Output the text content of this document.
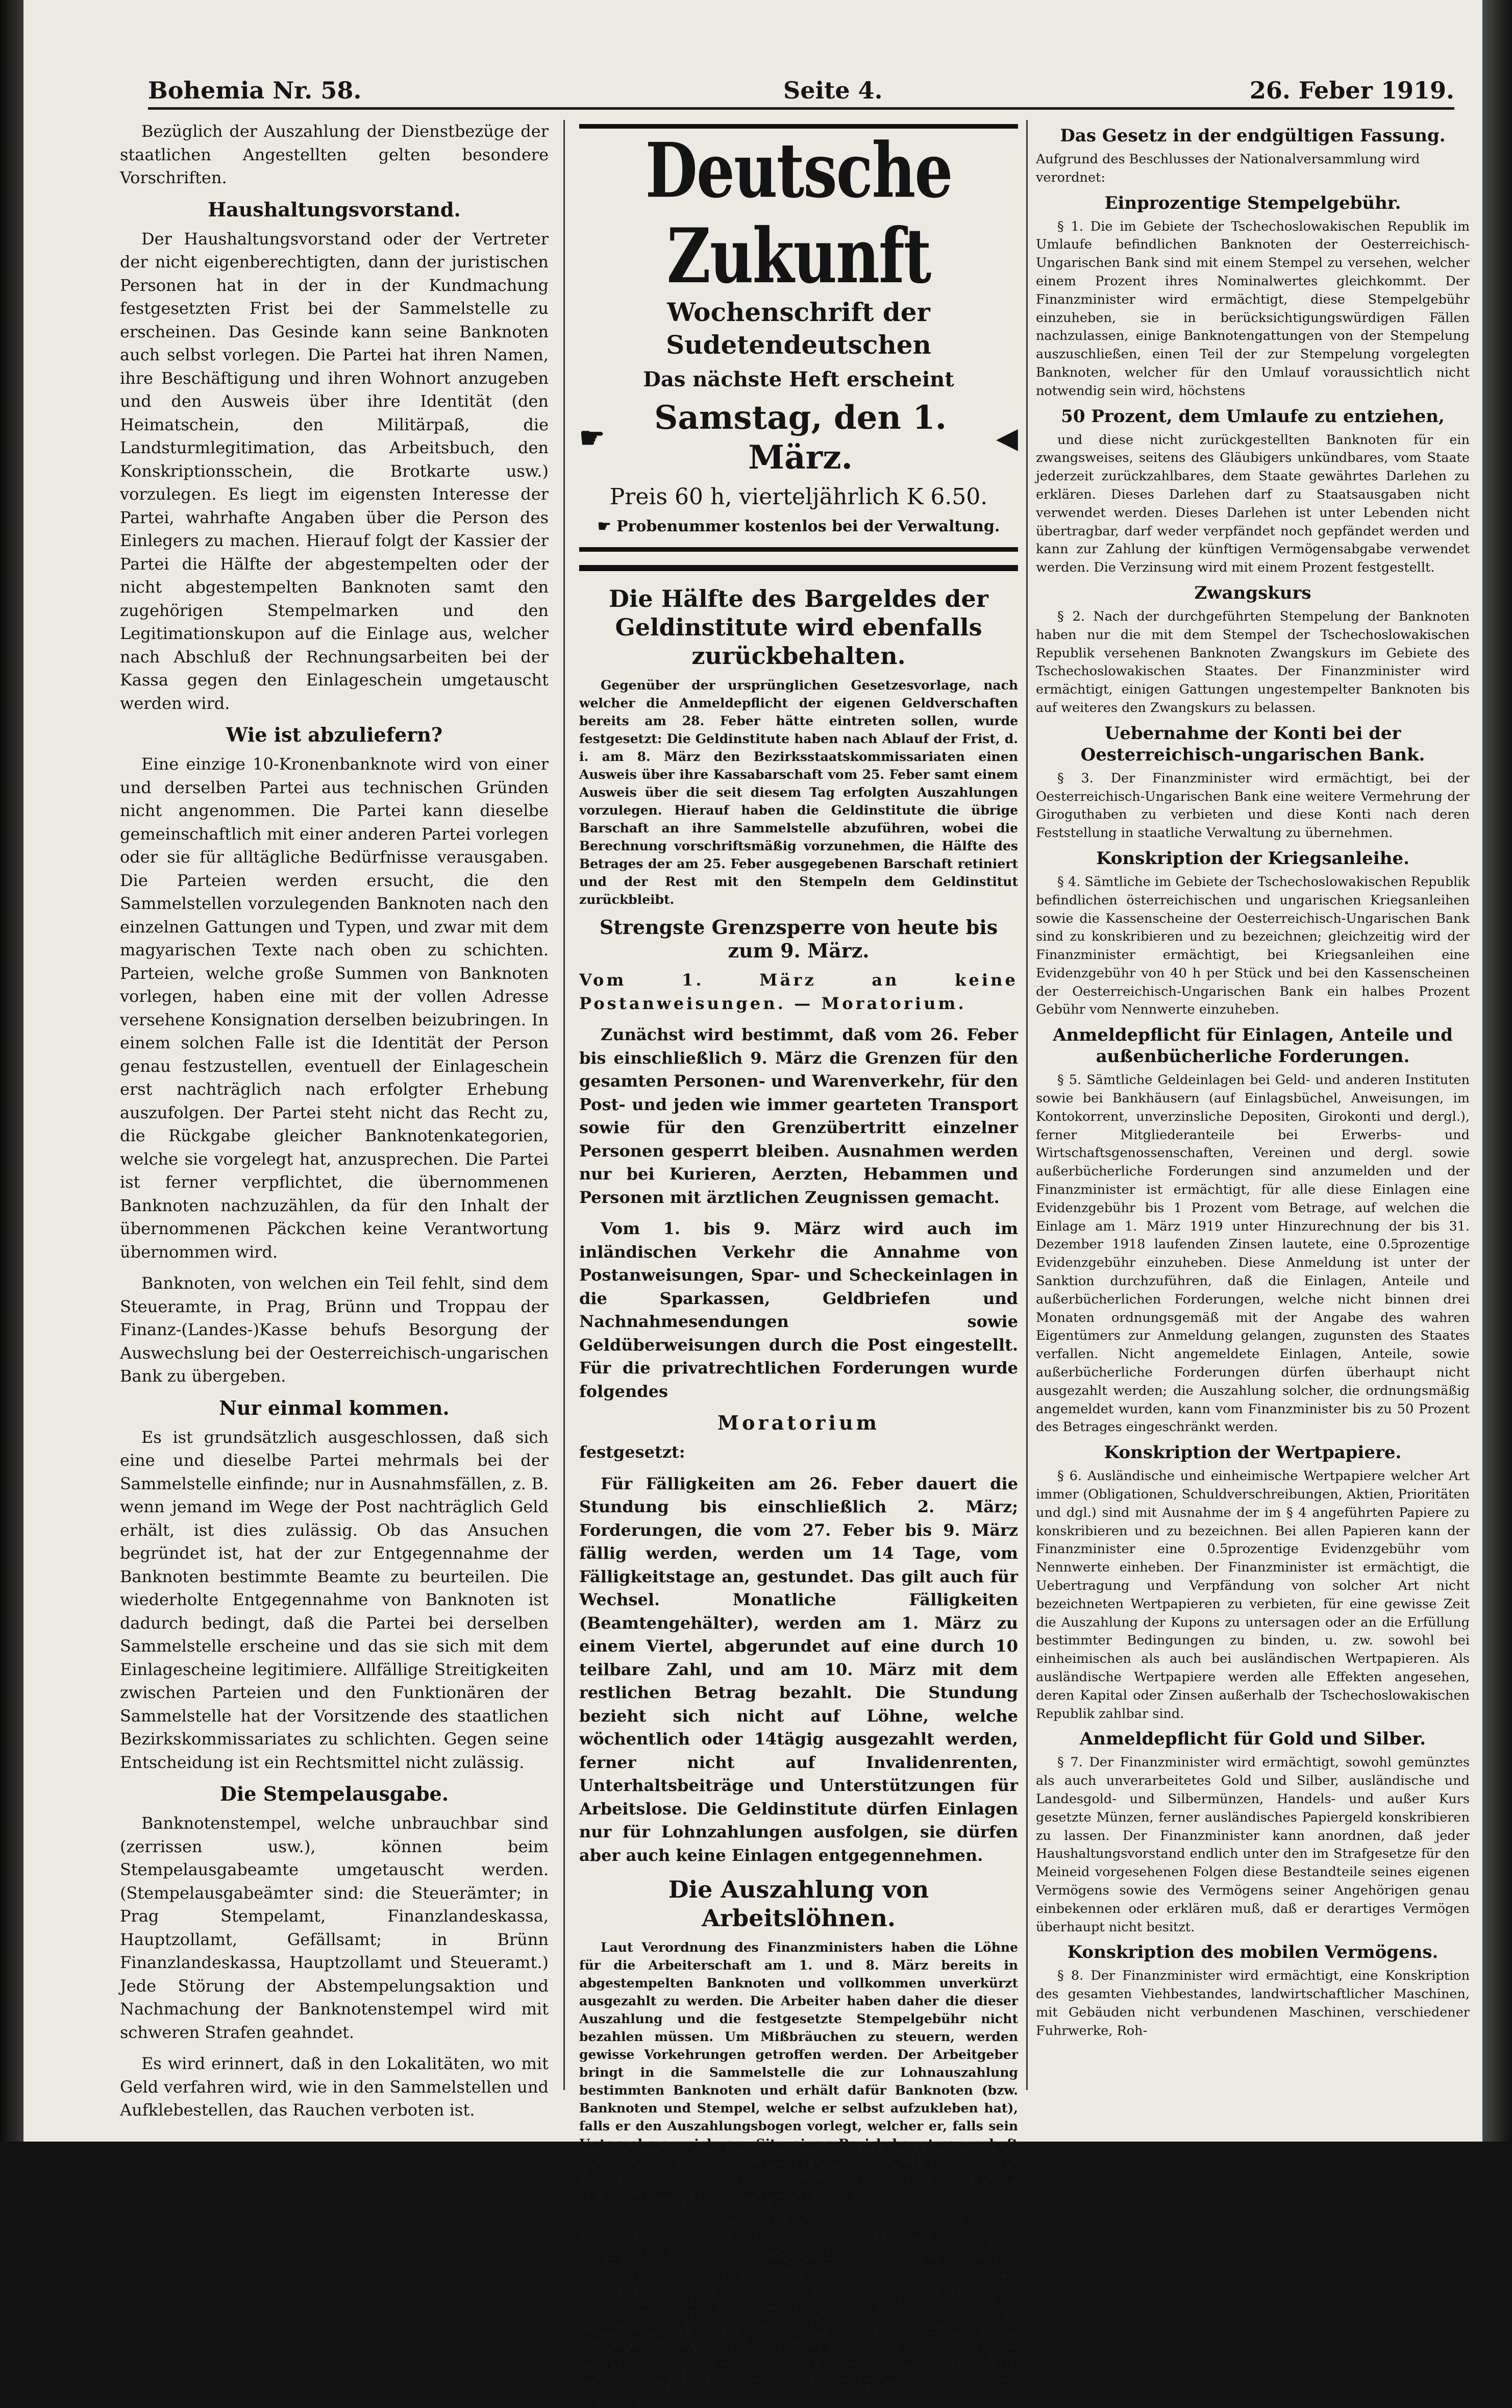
Bohemia Nr. 58.	Seite 4.	26. Feber 1919.

Bezüglich der Auszahlung der Dienstbezüge der staatlichen Angestellten gelten besondere Vorschriften.

Haushaltungsvorstand.

Der Haushaltungsvorstand oder der Vertreter der nicht eigenberechtigten, dann der juristischen Personen hat in der in der Kundmachung festgesetzten Frist bei der Sammelstelle zu erscheinen. Das Gesinde kann seine Banknoten auch selbst vorlegen. Die Partei hat ihren Namen, ihre Beschäftigung und ihren Wohnort anzugeben und den Ausweis über ihre Identität (den Heimatschein, den Militärpaß, die Landsturmlegitimation, das Arbeitsbuch, den Konskriptionsschein, die Brotkarte usw.) vorzulegen. Es liegt im eigensten Interesse der Partei, wahrhafte Angaben über die Person des Einlegers zu machen. Hierauf folgt der Kassier der Partei die Hälfte der abgestempelten oder der nicht abgestempelten Banknoten samt den zugehörigen Stempelmarken und den Legitimationskupon auf die Einlage aus, welcher nach Abschluß der Rechnungsarbeiten bei der Kassa gegen den Einlageschein umgetauscht werden wird.

Wie ist abzuliefern?

Eine einzige 10-Kronenbanknote wird von einer und derselben Partei aus technischen Gründen nicht angenommen. Die Partei kann dieselbe gemeinschaftlich mit einer anderen Partei vorlegen oder sie für alltägliche Bedürfnisse verausgaben. Die Parteien werden ersucht, die den Sammelstellen vorzulegenden Banknoten nach den einzelnen Gattungen und Typen, und zwar mit dem magyarischen Texte nach oben zu schichten. Parteien, welche große Summen von Banknoten vorlegen, haben eine mit der vollen Adresse versehene Konsignation derselben beizubringen. In einem solchen Falle ist die Identität der Person genau festzustellen, eventuell der Einlageschein erst nachträglich nach erfolgter Erhebung auszufolgen. Der Partei steht nicht das Recht zu, die Rückgabe gleicher Banknotenkategorien, welche sie vorgelegt hat, anzusprechen. Die Partei ist ferner verpflichtet, die übernommenen Banknoten nachzuzählen, da für den Inhalt der übernommenen Päckchen keine Verantwortung übernommen wird.

Banknoten, von welchen ein Teil fehlt, sind dem Steueramte, in Prag, Brünn und Troppau der Finanz-(Landes-)Kasse behufs Besorgung der Auswechslung bei der Oesterreichisch-ungarischen Bank zu übergeben.

Nur einmal kommen.

Es ist grundsätzlich ausgeschlossen, daß sich eine und dieselbe Partei mehrmals bei der Sammelstelle einfinde; nur in Ausnahmsfällen, z. B. wenn jemand im Wege der Post nachträglich Geld erhält, ist dies zulässig. Ob das Ansuchen begründet ist, hat der zur Entgegennahme der Banknoten bestimmte Beamte zu beurteilen. Die wiederholte Entgegennahme von Banknoten ist dadurch bedingt, daß die Partei bei derselben Sammelstelle erscheine und das sie sich mit dem Einlagescheine legitimiere. Allfällige Streitigkeiten zwischen Parteien und den Funktionären der Sammelstelle hat der Vorsitzende des staatlichen Bezirkskommissariates zu schlichten. Gegen seine Entscheidung ist ein Rechtsmittel nicht zulässig.

Die Stempelausgabe.

Banknotenstempel, welche unbrauchbar sind (zerrissen usw.), können beim Stempelausgabeamte umgetauscht werden. (Stempelausgabeämter sind: die Steuerämter; in Prag Stempelamt, Finanzlandeskassa, Hauptzollamt, Gefällsamt; in Brünn Finanzlandeskassa, Hauptzollamt und Steueramt.) Jede Störung der Abstempelungsaktion und Nachmachung der Banknotenstempel wird mit schweren Strafen geahndet.

Es wird erinnert, daß in den Lokalitäten, wo mit Geld verfahren wird, wie in den Sammelstellen und Aufklebestellen, das Rauchen verboten ist.

Deutsche Zukunft
Wochenschrift der Sudetendeutschen
Das nächste Heft erscheint
☛
Samstag, den 1. März.
◀
Preis 60 h, vierteljährlich K 6.50.
☛ Probenummer kostenlos bei der Verwaltung.
Die Hälfte des Bargeldes der Geldinstitute wird ebenfalls zurückbehalten.

Gegenüber der ursprünglichen Gesetzesvorlage, nach welcher die Anmeldepflicht der eigenen Geldverschaften bereits am 28. Feber hätte eintreten sollen, wurde festgesetzt: Die Geldinstitute haben nach Ablauf der Frist, d. i. am 8. März den Bezirksstaatskommissariaten einen Ausweis über ihre Kassabarschaft vom 25. Feber samt einem Ausweis über die seit diesem Tag erfolgten Auszahlungen vorzulegen. Hierauf haben die Geldinstitute die übrige Barschaft an ihre Sammelstelle abzuführen, wobei die Berechnung vorschriftsmäßig vorzunehmen, die Hälfte des Betrages der am 25. Feber ausgegebenen Barschaft retiniert und der Rest mit den Stempeln dem Geldinstitut zurückbleibt.

Strengste Grenzsperre von heute bis zum 9. März.

Vom 1. März an keine Postanweisungen. — Moratorium.

Zunächst wird bestimmt, daß vom 26. Feber bis einschließlich 9. März die Grenzen für den gesamten Personen- und Warenverkehr, für den Post- und jeden wie immer gearteten Transport sowie für den Grenzübertritt einzelner Personen gesperrt bleiben. Ausnahmen werden nur bei Kurieren, Aerzten, Hebammen und Personen mit ärztlichen Zeugnissen gemacht.

Vom 1. bis 9. März wird auch im inländischen Verkehr die Annahme von Postanweisungen, Spar- und Scheckeinlagen in die Sparkassen, Geldbriefen und Nachnahmesendungen sowie Geldüberweisungen durch die Post eingestellt. Für die privatrechtlichen Forderungen wurde folgendes

Moratorium

festgesetzt:

Für Fälligkeiten am 26. Feber dauert die Stundung bis einschließlich 2. März; Forderungen, die vom 27. Feber bis 9. März fällig werden, werden um 14 Tage, vom Fälligkeitstage an, gestundet. Das gilt auch für Wechsel. Monatliche Fälligkeiten (Beamtengehälter), werden am 1. März zu einem Viertel, abgerundet auf eine durch 10 teilbare Zahl, und am 10. März mit dem restlichen Betrag bezahlt. Die Stundung bezieht sich nicht auf Löhne, welche wöchentlich oder 14tägig ausgezahlt werden, ferner nicht auf Invalidenrenten, Unterhaltsbeiträge und Unterstützungen für Arbeitslose. Die Geldinstitute dürfen Einlagen nur für Lohnzahlungen ausfolgen, sie dürfen aber auch keine Einlagen entgegennehmen.

Die Auszahlung von Arbeitslöhnen.

Laut Verordnung des Finanzministers haben die Löhne für die Arbeiterschaft am 1. und 8. März bereits in abgestempelten Banknoten und vollkommen unverkürzt ausgezahlt zu werden. Die Arbeiter haben daher die dieser Auszahlung und die festgesetzte Stempelgebühr nicht bezahlen müssen. Um Mißbräuchen zu steuern, werden gewisse Vorkehrungen getroffen werden. Der Arbeitgeber bringt in die Sammelstelle die zur Lohnauszahlung bestimmten Banknoten und erhält dafür Banknoten (bzw. Banknoten und Stempel, welche er selbst aufzukleben hat), falls er den Auszahlungsbogen vorlegt, welcher er, falls sein Unternehmen sich am Sitz einer Bezirkshauptmannschaft befindet, eine ungestempelte Bestätigung der Hauptmannschaft darüber, daß der angeführte Betrag richtig angegeben ist, beizuschließen hat.

Befindet sich das Unternehmen nicht am Sitze einer Bezirkshauptmannschaft, so hat der Arbeitgeber sich eine solche Bestätigung vom Gemeindeamt ausstellen und von der Bezirkshauptmannschaft vidieren zu lassen. Wenn der Arbeitgeber sich eine Geldeinlage bei einem Geldinstitute zum Zwecke der Lohnauszahlung beheben will, hat er den Lohnbogen oder ein Verzeichnis der Angestellten, in welchem Name, Beruf, Wohnort und Lohnhöhe jedes einzelnen angegeben ist, vorzulegen. Die Geldinstitute werden solche Einlagen in ungestempelten Banknoten auszahlen.

Das Gesetz in der endgültigen Fassung.

Aufgrund des Beschlusses der Nationalversammlung wird verordnet:

Einprozentige Stempelgebühr.

§ 1. Die im Gebiete der Tschechoslowakischen Republik im Umlaufe befindlichen Banknoten der Oesterreichisch-Ungarischen Bank sind mit einem Stempel zu versehen, welcher einem Prozent ihres Nominalwertes gleichkommt. Der Finanzminister wird ermächtigt, diese Stempelgebühr einzuheben, sie in berücksichtigungswürdigen Fällen nachzulassen, einige Banknotengattungen von der Stempelung auszuschließen, einen Teil der zur Stempelung vorgelegten Banknoten, welcher für den Umlauf voraussichtlich nicht notwendig sein wird, höchstens

50 Prozent, dem Umlaufe zu entziehen,

und diese nicht zurückgestellten Banknoten für ein zwangsweises, seitens des Gläubigers unkündbares, vom Staate jederzeit zurückzahlbares, dem Staate gewährtes Darlehen zu erklären. Dieses Darlehen darf zu Staatsausgaben nicht verwendet werden. Dieses Darlehen ist unter Lebenden nicht übertragbar, darf weder verpfändet noch gepfändet werden und kann zur Zahlung der künftigen Vermögensabgabe verwendet werden. Die Verzinsung wird mit einem Prozent festgestellt.

Zwangskurs

§ 2. Nach der durchgeführten Stempelung der Banknoten haben nur die mit dem Stempel der Tschechoslowakischen Republik versehenen Banknoten Zwangskurs im Gebiete des Tschechoslowakischen Staates. Der Finanzminister wird ermächtigt, einigen Gattungen ungestempelter Banknoten bis auf weiteres den Zwangskurs zu belassen.

Uebernahme der Konti bei der Oesterreichisch-ungarischen Bank.

§ 3. Der Finanzminister wird ermächtigt, bei der Oesterreichisch-Ungarischen Bank eine weitere Vermehrung der Giroguthaben zu verbieten und diese Konti nach deren Feststellung in staatliche Verwaltung zu übernehmen.

Konskription der Kriegsanleihe.

§ 4. Sämtliche im Gebiete der Tschechoslowakischen Republik befindlichen österreichischen und ungarischen Kriegsanleihen sowie die Kassenscheine der Oesterreichisch-Ungarischen Bank sind zu konskribieren und zu bezeichnen; gleichzeitig wird der Finanzminister ermächtigt, bei Kriegsanleihen eine Evidenzgebühr von 40 h per Stück und bei den Kassenscheinen der Oesterreichisch-Ungarischen Bank ein halbes Prozent Gebühr vom Nennwerte einzuheben.

Anmeldepflicht für Einlagen, Anteile und außenbücherliche Forderungen.

§ 5. Sämtliche Geldeinlagen bei Geld- und anderen Instituten sowie bei Bankhäusern (auf Einlagsbüchel, Anweisungen, im Kontokorrent, unverzinsliche Depositen, Girokonti und dergl.), ferner Mitgliederanteile bei Erwerbs- und Wirtschaftsgenossenschaften, Vereinen und dergl. sowie außerbücherliche Forderungen sind anzumelden und der Finanzminister ist ermächtigt, für alle diese Einlagen eine Evidenzgebühr bis 1 Prozent vom Betrage, auf welchen die Einlage am 1. März 1919 unter Hinzurechnung der bis 31. Dezember 1918 laufenden Zinsen lautete, eine 0.5prozentige Evidenzgebühr einzuheben. Diese Anmeldung ist unter der Sanktion durchzuführen, daß die Einlagen, Anteile und außerbücherlichen Forderungen, welche nicht binnen drei Monaten ordnungsgemäß mit der Angabe des wahren Eigentümers zur Anmeldung gelangen, zugunsten des Staates verfallen. Nicht angemeldete Einlagen, Anteile, sowie außerbücherliche Forderungen dürfen überhaupt nicht ausgezahlt werden; die Auszahlung solcher, die ordnungsmäßig angemeldet wurden, kann vom Finanzminister bis zu 50 Prozent des Betrages eingeschränkt werden.

Konskription der Wertpapiere.

§ 6. Ausländische und einheimische Wertpapiere welcher Art immer (Obligationen, Schuldverschreibungen, Aktien, Prioritäten und dgl.) sind mit Ausnahme der im § 4 angeführten Papiere zu konskribieren und zu bezeichnen. Bei allen Papieren kann der Finanzminister eine 0.5prozentige Evidenzgebühr vom Nennwerte einheben. Der Finanzminister ist ermächtigt, die Uebertragung und Verpfändung von solcher Art nicht bezeichneten Wertpapieren zu verbieten, für eine gewisse Zeit die Auszahlung der Kupons zu untersagen oder an die Erfüllung bestimmter Bedingungen zu binden, u. zw. sowohl bei einheimischen als auch bei ausländischen Wertpapieren. Als ausländische Wertpapiere werden alle Effekten angesehen, deren Kapital oder Zinsen außerhalb der Tschechoslowakischen Republik zahlbar sind.

Anmeldepflicht für Gold und Silber.

§ 7. Der Finanzminister wird ermächtigt, sowohl gemünztes als auch unverarbeitetes Gold und Silber, ausländische und Landesgold- und Silbermünzen, Handels- und außer Kurs gesetzte Münzen, ferner ausländisches Papiergeld konskribieren zu lassen. Der Finanzminister kann anordnen, daß jeder Haushaltungsvorstand endlich unter den im Strafgesetze für den Meineid vorgesehenen Folgen diese Bestandteile seines eigenen Vermögens sowie des Vermögens seiner Angehörigen genau einbekennen oder erklären muß, daß er derartiges Vermögen überhaupt nicht besitzt.

Konskription des mobilen Vermögens.

§ 8. Der Finanzminister wird ermächtigt, eine Konskription des gesamten Viehbestandes, landwirtschaftlicher Maschinen, mit Gebäuden nicht verbundenen Maschinen, verschiedener Fuhrwerke, Roh-
